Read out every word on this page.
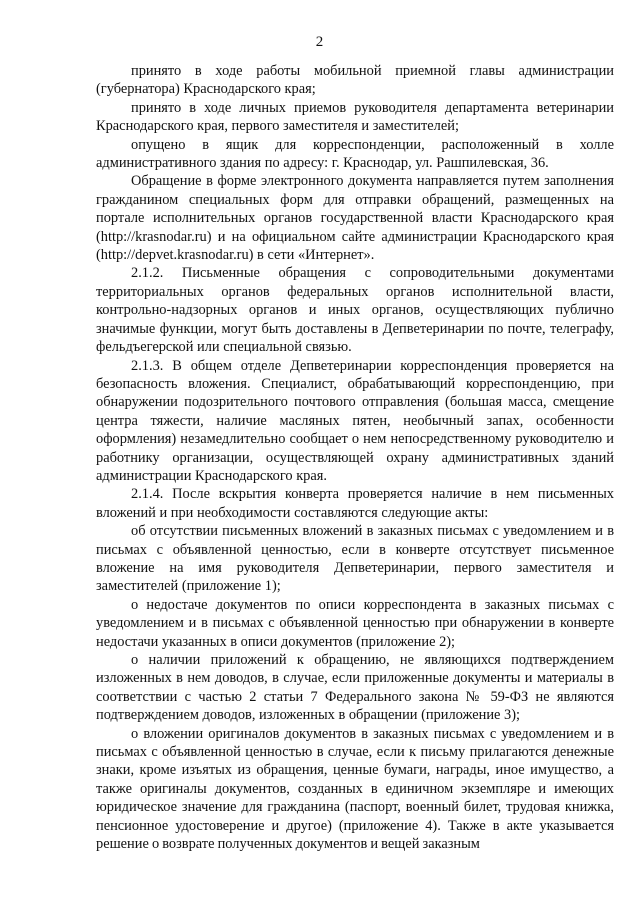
2

принято в ходе работы мобильной приемной главы администрации (губернатора) Краснодарского края;

принято в ходе личных приемов руководителя департамента ветеринарии Краснодарского края, первого заместителя и заместителей;

опущено в ящик для корреспонденции, расположенный в холле административного здания по адресу: г. Краснодар, ул. Рашпилевская, 36.

Обращение в форме электронного документа направляется путем заполнения гражданином специальных форм для отправки обращений, размещенных на портале исполнительных органов государственной власти Краснодарского края (http://krasnodar.ru) и на официальном сайте администрации Краснодарского края (http://depvet.krasnodar.ru) в сети «Интернет».

2.1.2. Письменные обращения с сопроводительными документами территориальных органов федеральных органов исполнительной власти, контрольно-надзорных органов и иных органов, осуществляющих публично значимые функции, могут быть доставлены в Депветеринарии по почте, телеграфу, фельдъегерской или специальной связью.

2.1.3. В общем отделе Депветеринарии корреспонденция проверяется на безопасность вложения. Специалист, обрабатывающий корреспонденцию, при обнаружении подозрительного почтового отправления (большая масса, смещение центра тяжести, наличие масляных пятен, необычный запах, особенности оформления) незамедлительно сообщает о нем непосредственному руководителю и работнику организации, осуществляющей охрану административных зданий администрации Краснодарского края.

2.1.4. После вскрытия конверта проверяется наличие в нем письменных вложений и при необходимости составляются следующие акты:

об отсутствии письменных вложений в заказных письмах с уведомлением и в письмах с объявленной ценностью, если в конверте отсутствует письменное вложение на имя руководителя Депветеринарии, первого заместителя и заместителей (приложение 1);

о недостаче документов по описи корреспондента в заказных письмах с уведомлением и в письмах с объявленной ценностью при обнаружении в конверте недостачи указанных в описи документов (приложение 2);

о наличии приложений к обращению, не являющихся подтверждением изложенных в нем доводов, в случае, если приложенные документы и материалы в соответствии с частью 2 статьи 7 Федерального закона № 59-ФЗ не являются подтверждением доводов, изложенных в обращении (приложение 3);

о вложении оригиналов документов в заказных письмах с уведомлением и в письмах с объявленной ценностью в случае, если к письму прилагаются денежные знаки, кроме изъятых из обращения, ценные бумаги, награды, иное имущество, а также оригиналы документов, созданных в единичном экземпляре и имеющих юридическое значение для гражданина (паспорт, военный билет, трудовая книжка, пенсионное удостоверение и другое) (приложение 4). Также в акте указывается решение о возврате полученных документов и вещей заказным
